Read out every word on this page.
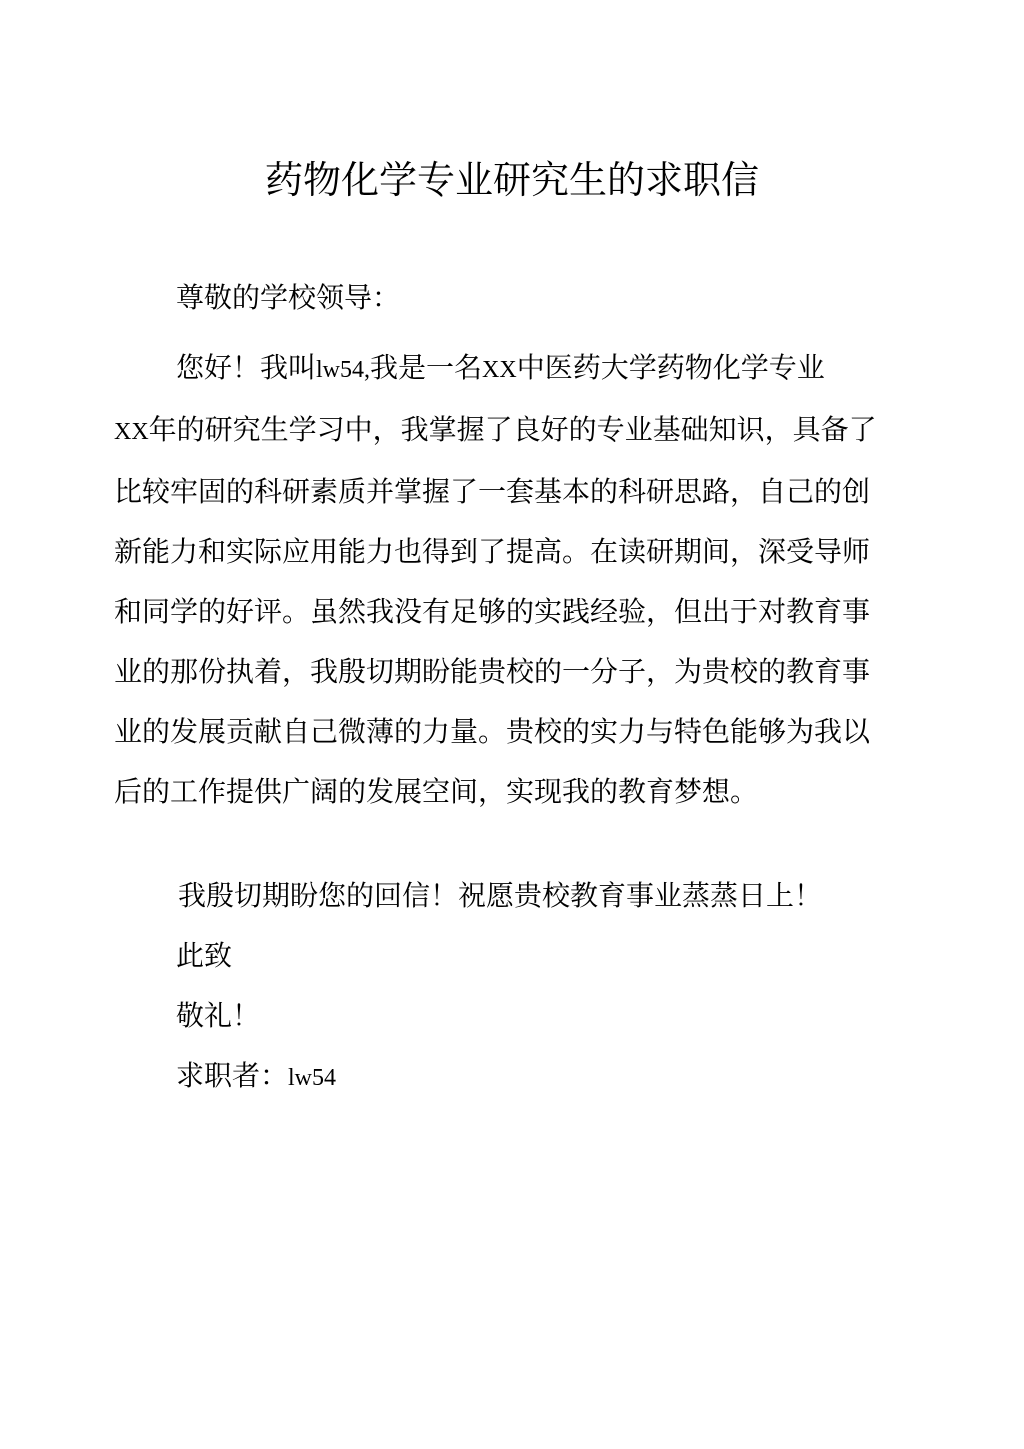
药物化学专业研究生的求职信
尊敬的学校领导：
您好！我叫lw54,我是一名XX中医药大学药物化学专业
XX年的研究生学习中，我掌握了良好的专业基础知识，具备了比较牢固的科研素质并掌握了一套基本的科研思路，自己的创新能力和实际应用能力也得到了提高。在读研期间，深受导师和同学的好评。虽然我没有足够的实践经验，但出于对教育事业的那份执着，我殷切期盼能贵校的一分子，为贵校的教育事业的发展贡献自己微薄的力量。贵校的实力与特色能够为我以后的工作提供广阔的发展空间，实现我的教育梦想。
我殷切期盼您的回信！祝愿贵校教育事业蒸蒸日上！
此致
敬礼！
求职者：lw54
